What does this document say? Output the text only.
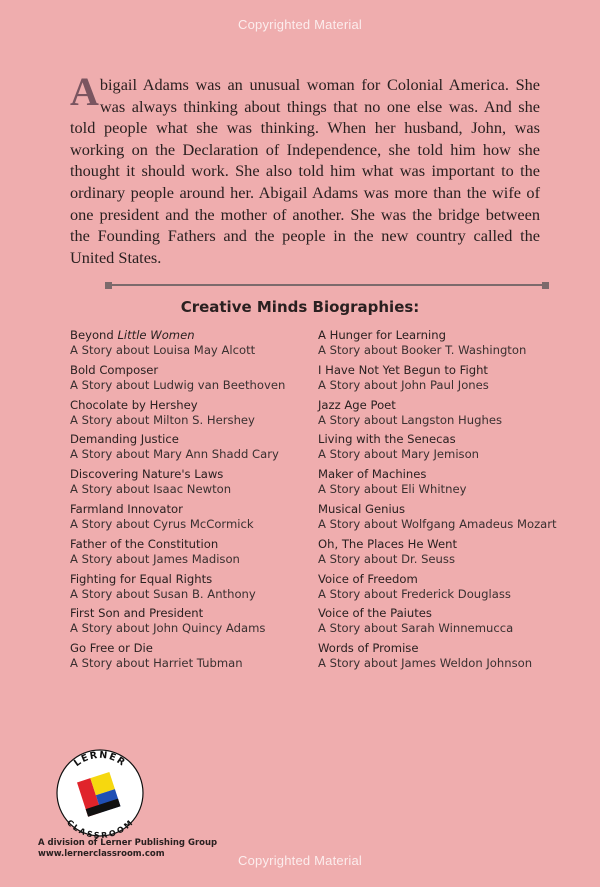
Copyrighted Material

Abigail Adams was an unusual woman for Colonial America. She was always thinking about things that no one else was. And she told people what she was thinking. When her husband, John, was working on the Declaration of Independence, she told him how she thought it should work. She also told him what was important to the ordinary people around her. Abigail Adams was more than the wife of one president and the mother of another. She was the bridge between the Founding Fathers and the people in the new country called the United States.

Creative Minds Biographies:
Beyond Little Women
A Story about Louisa May Alcott
Bold Composer
A Story about Ludwig van Beethoven
Chocolate by Hershey
A Story about Milton S. Hershey
Demanding Justice
A Story about Mary Ann Shadd Cary
Discovering Nature's Laws
A Story about Isaac Newton
Farmland Innovator
A Story about Cyrus McCormick
Father of the Constitution
A Story about James Madison
Fighting for Equal Rights
A Story about Susan B. Anthony
First Son and President
A Story about John Quincy Adams
Go Free or Die
A Story about Harriet Tubman
A Hunger for Learning
A Story about Booker T. Washington
I Have Not Yet Begun to Fight
A Story about John Paul Jones
Jazz Age Poet
A Story about Langston Hughes
Living with the Senecas
A Story about Mary Jemison
Maker of Machines
A Story about Eli Whitney
Musical Genius
A Story about Wolfgang Amadeus Mozart
Oh, The Places He Went
A Story about Dr. Seuss
Voice of Freedom
A Story about Frederick Douglass
Voice of the Paiutes
A Story about Sarah Winnemucca
Words of Promise
A Story about James Weldon Johnson
LERNER
CLASSROOM
A division of Lerner Publishing Group
www.lernerclassroom.com	Copyrighted Material
